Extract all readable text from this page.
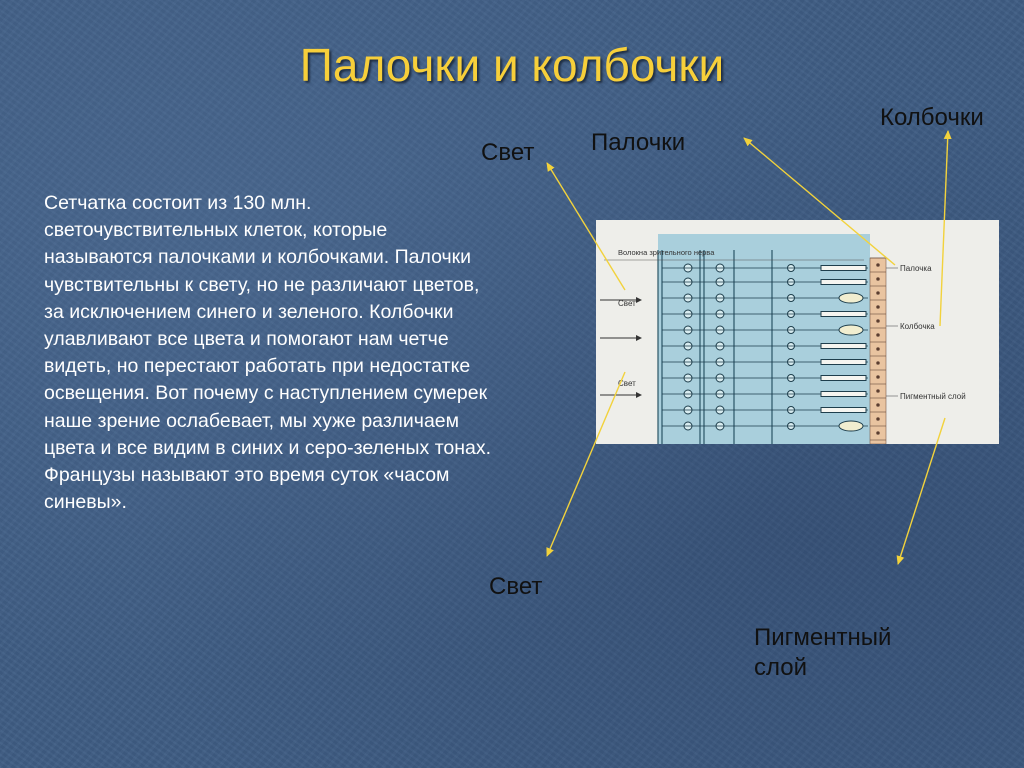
Палочки и колбочки
Сетчатка состоит из 130 млн. светочувствительных клеток, которые называются палочками и колбочками. Палочки чувствительны к свету, но не различают цветов, за исключением синего и зеленого. Колбочки улавливают все цвета и помогают нам четче видеть, но перестают работать при недостатке освещения. Вот почему с наступлением сумерек наше зрение ослабевает, мы хуже различаем цвета и все видим в синих и серо-зеленых тонах. Французы называют это время суток «часом синевы».
Свет Палочки
Колбочки
Свет
Пигментный
слой
Волокна зрительного нерва
Свет
Свет
Палочка
Колбочка
Пигментный слой
